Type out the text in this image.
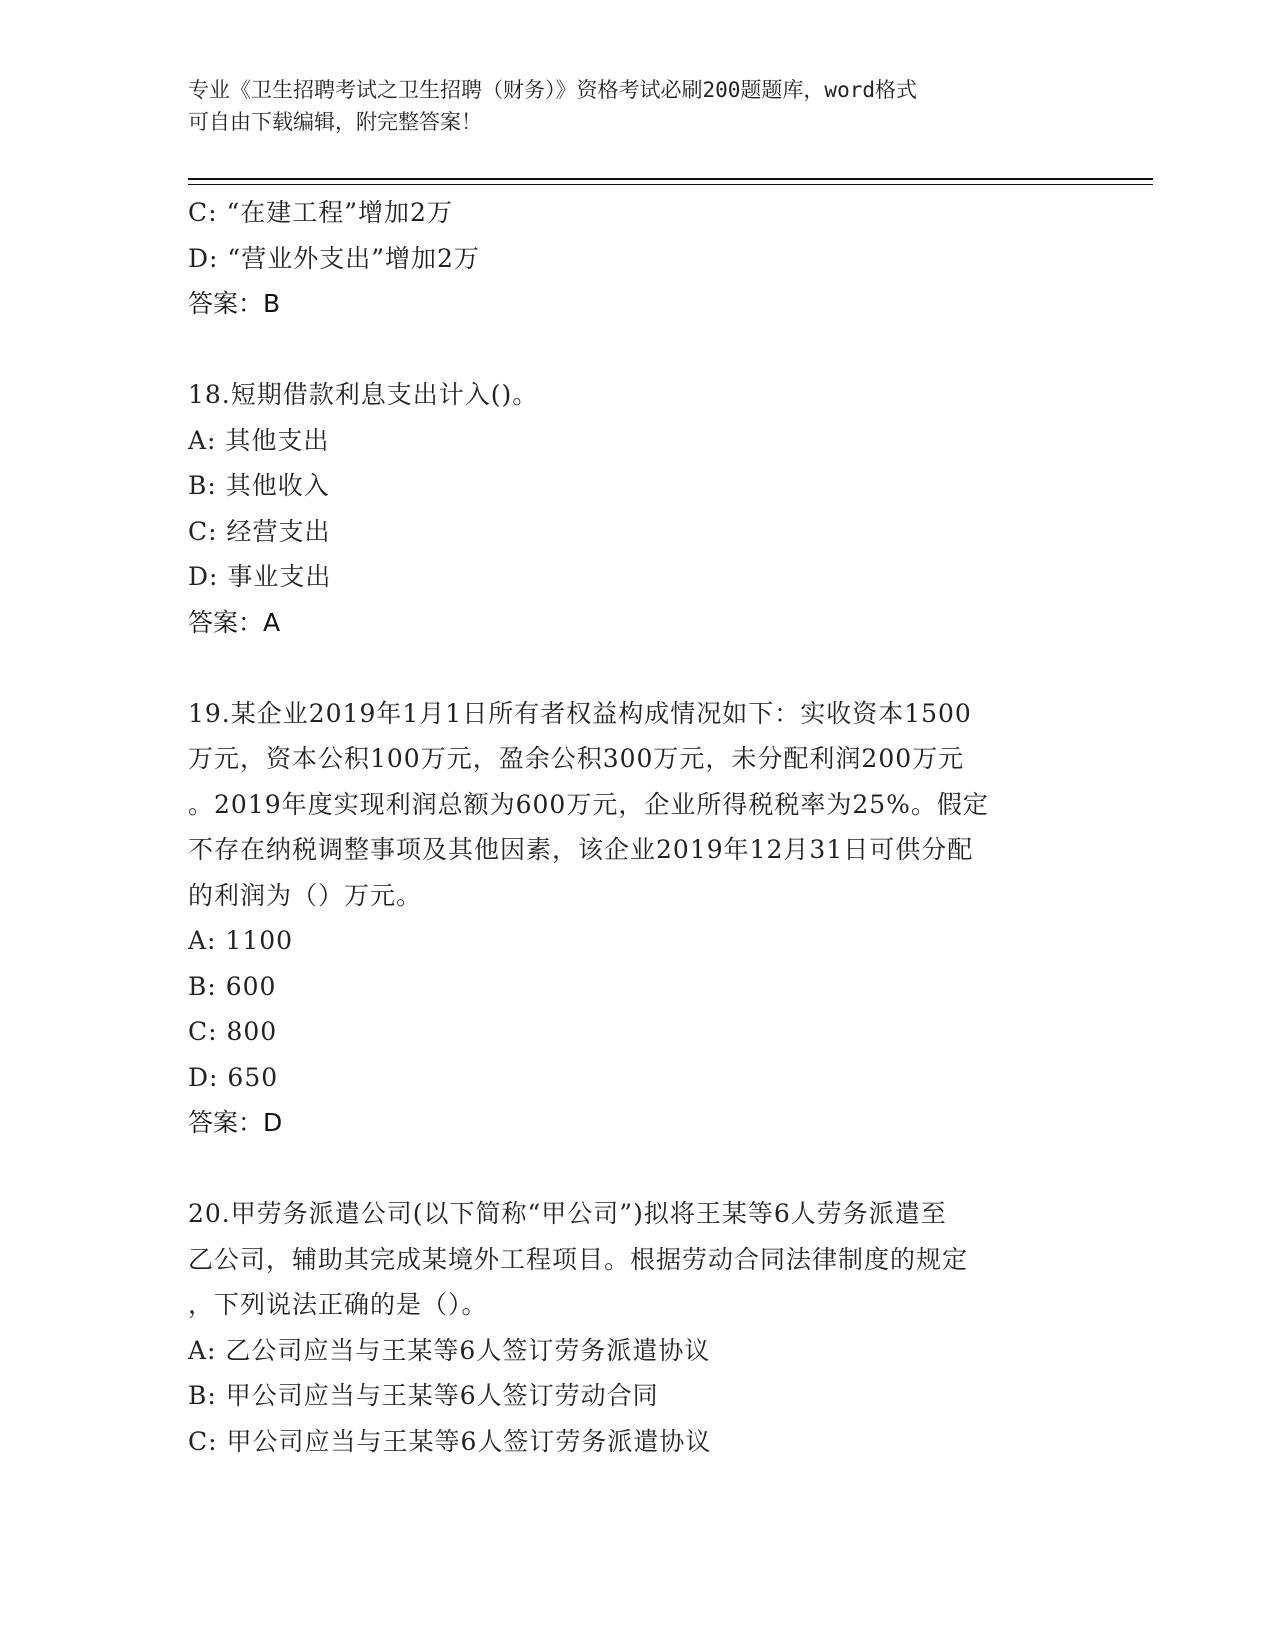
专业《卫生招聘考试之卫生招聘（财务）》资格考试必刷200题题库，word格式
可自由下载编辑，附完整答案！
C: “在建工程”增加2万
D: “营业外支出”增加2万
答案：B
18.短期借款利息支出计入()。
A: 其他支出
B: 其他收入
C: 经营支出
D: 事业支出
答案：A
19.某企业2019年1月1日所有者权益构成情况如下：实收资本1500
万元，资本公积100万元，盈余公积300万元，未分配利润200万元
。2019年度实现利润总额为600万元，企业所得税税率为25%。假定
不存在纳税调整事项及其他因素，该企业2019年12月31日可供分配
的利润为（）万元。
A: 1100
B: 600
C: 800
D: 650
答案：D
20.甲劳务派遣公司(以下简称“甲公司”)拟将王某等6人劳务派遣至
乙公司，辅助其完成某境外工程项目。根据劳动合同法律制度的规定
，下列说法正确的是（）。
A: 乙公司应当与王某等6人签订劳务派遣协议
B: 甲公司应当与王某等6人签订劳动合同
C: 甲公司应当与王某等6人签订劳务派遣协议
